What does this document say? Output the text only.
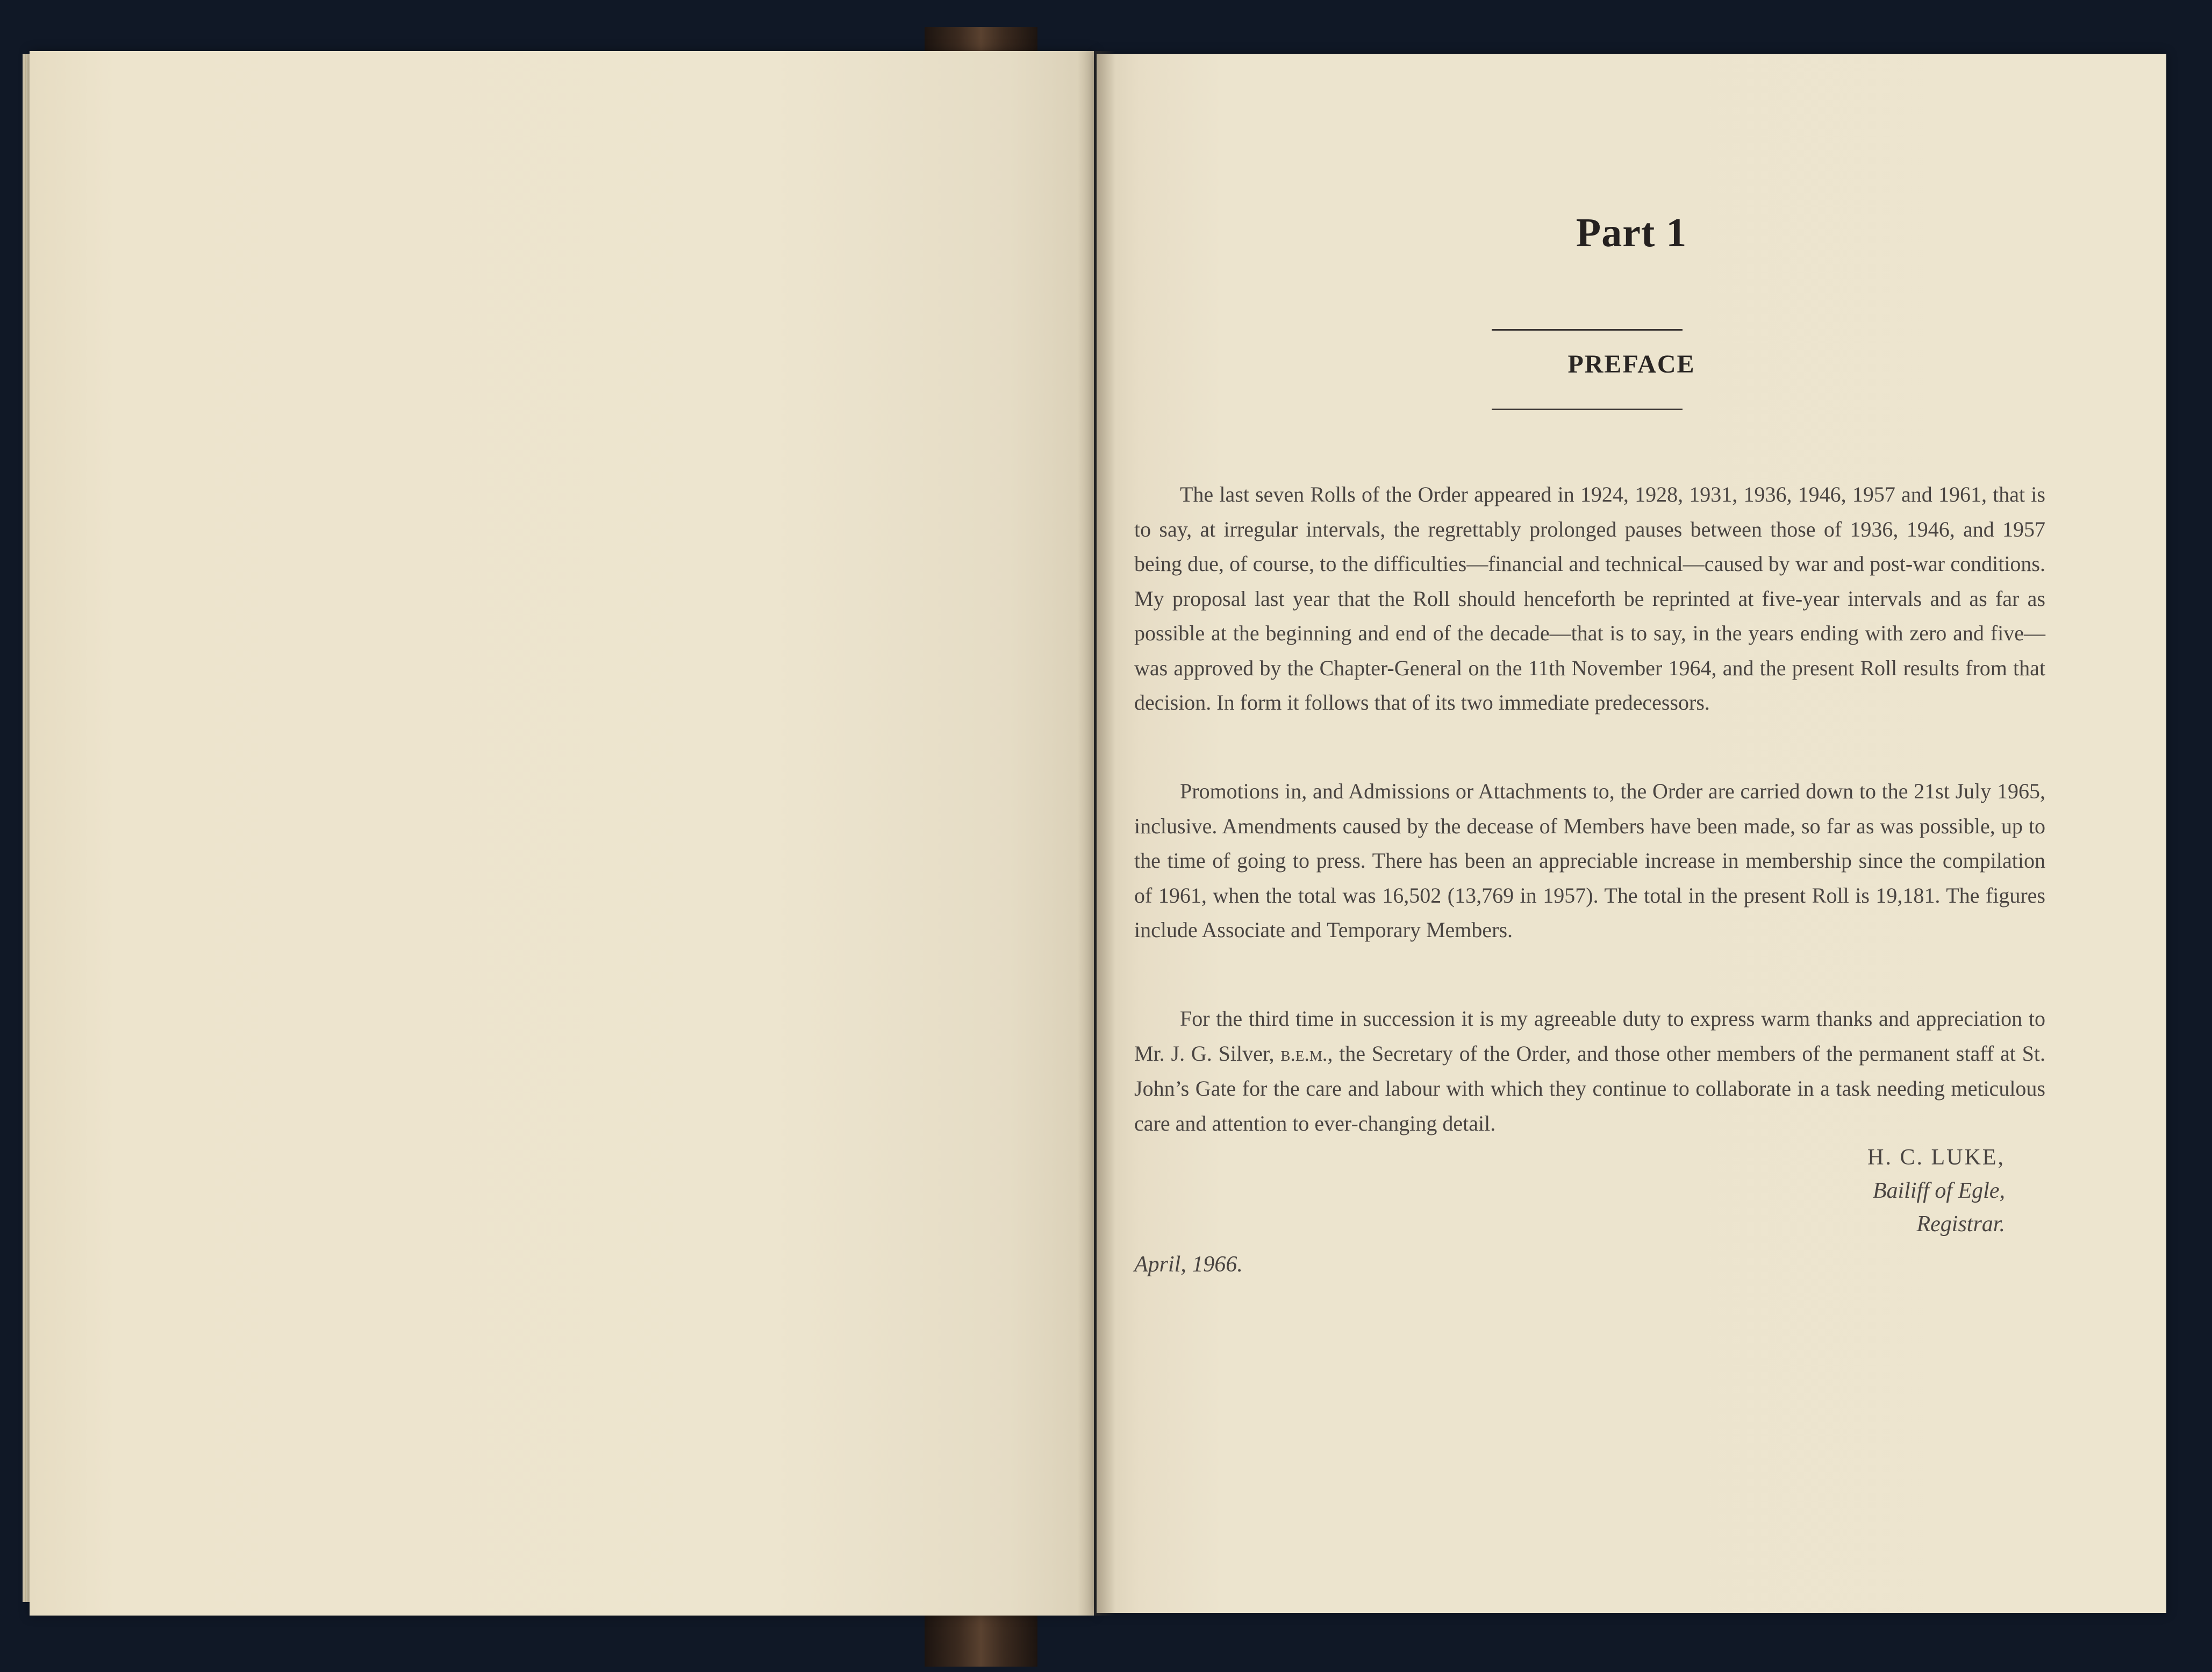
Part 1
PREFACE

The last seven Rolls of the Order appeared in 1924, 1928, 1931, 1936, 1946, 1957 and 1961, that is to say, at irregular intervals, the regrettably prolonged pauses between those of 1936, 1946, and 1957 being due, of course, to the difficulties—financial and technical—caused by war and post-war conditions. My proposal last year that the Roll should henceforth be reprinted at five-year intervals and as far as possible at the beginning and end of the decade—that is to say, in the years ending with zero and five—was approved by the Chapter-General on the 11th November 1964, and the present Roll results from that decision. In form it follows that of its two immediate predecessors.

Promotions in, and Admissions or Attachments to, the Order are carried down to the 21st July 1965, inclusive. Amendments caused by the decease of Members have been made, so far as was possible, up to the time of going to press. There has been an appreciable increase in membership since the compilation of 1961, when the total was 16,502 (13,769 in 1957). The total in the present Roll is 19,181. The figures include Associate and Temporary Members.

For the third time in succession it is my agreeable duty to express warm thanks and appreciation to Mr. J. G. Silver, b.e.m., the Secretary of the Order, and those other members of the permanent staff at St. John’s Gate for the care and labour with which they continue to collaborate in a task needing meticulous care and attention to ever-changing detail.

H. C. LUKE,
Bailiff of Egle,
Registrar.
April, 1966.
